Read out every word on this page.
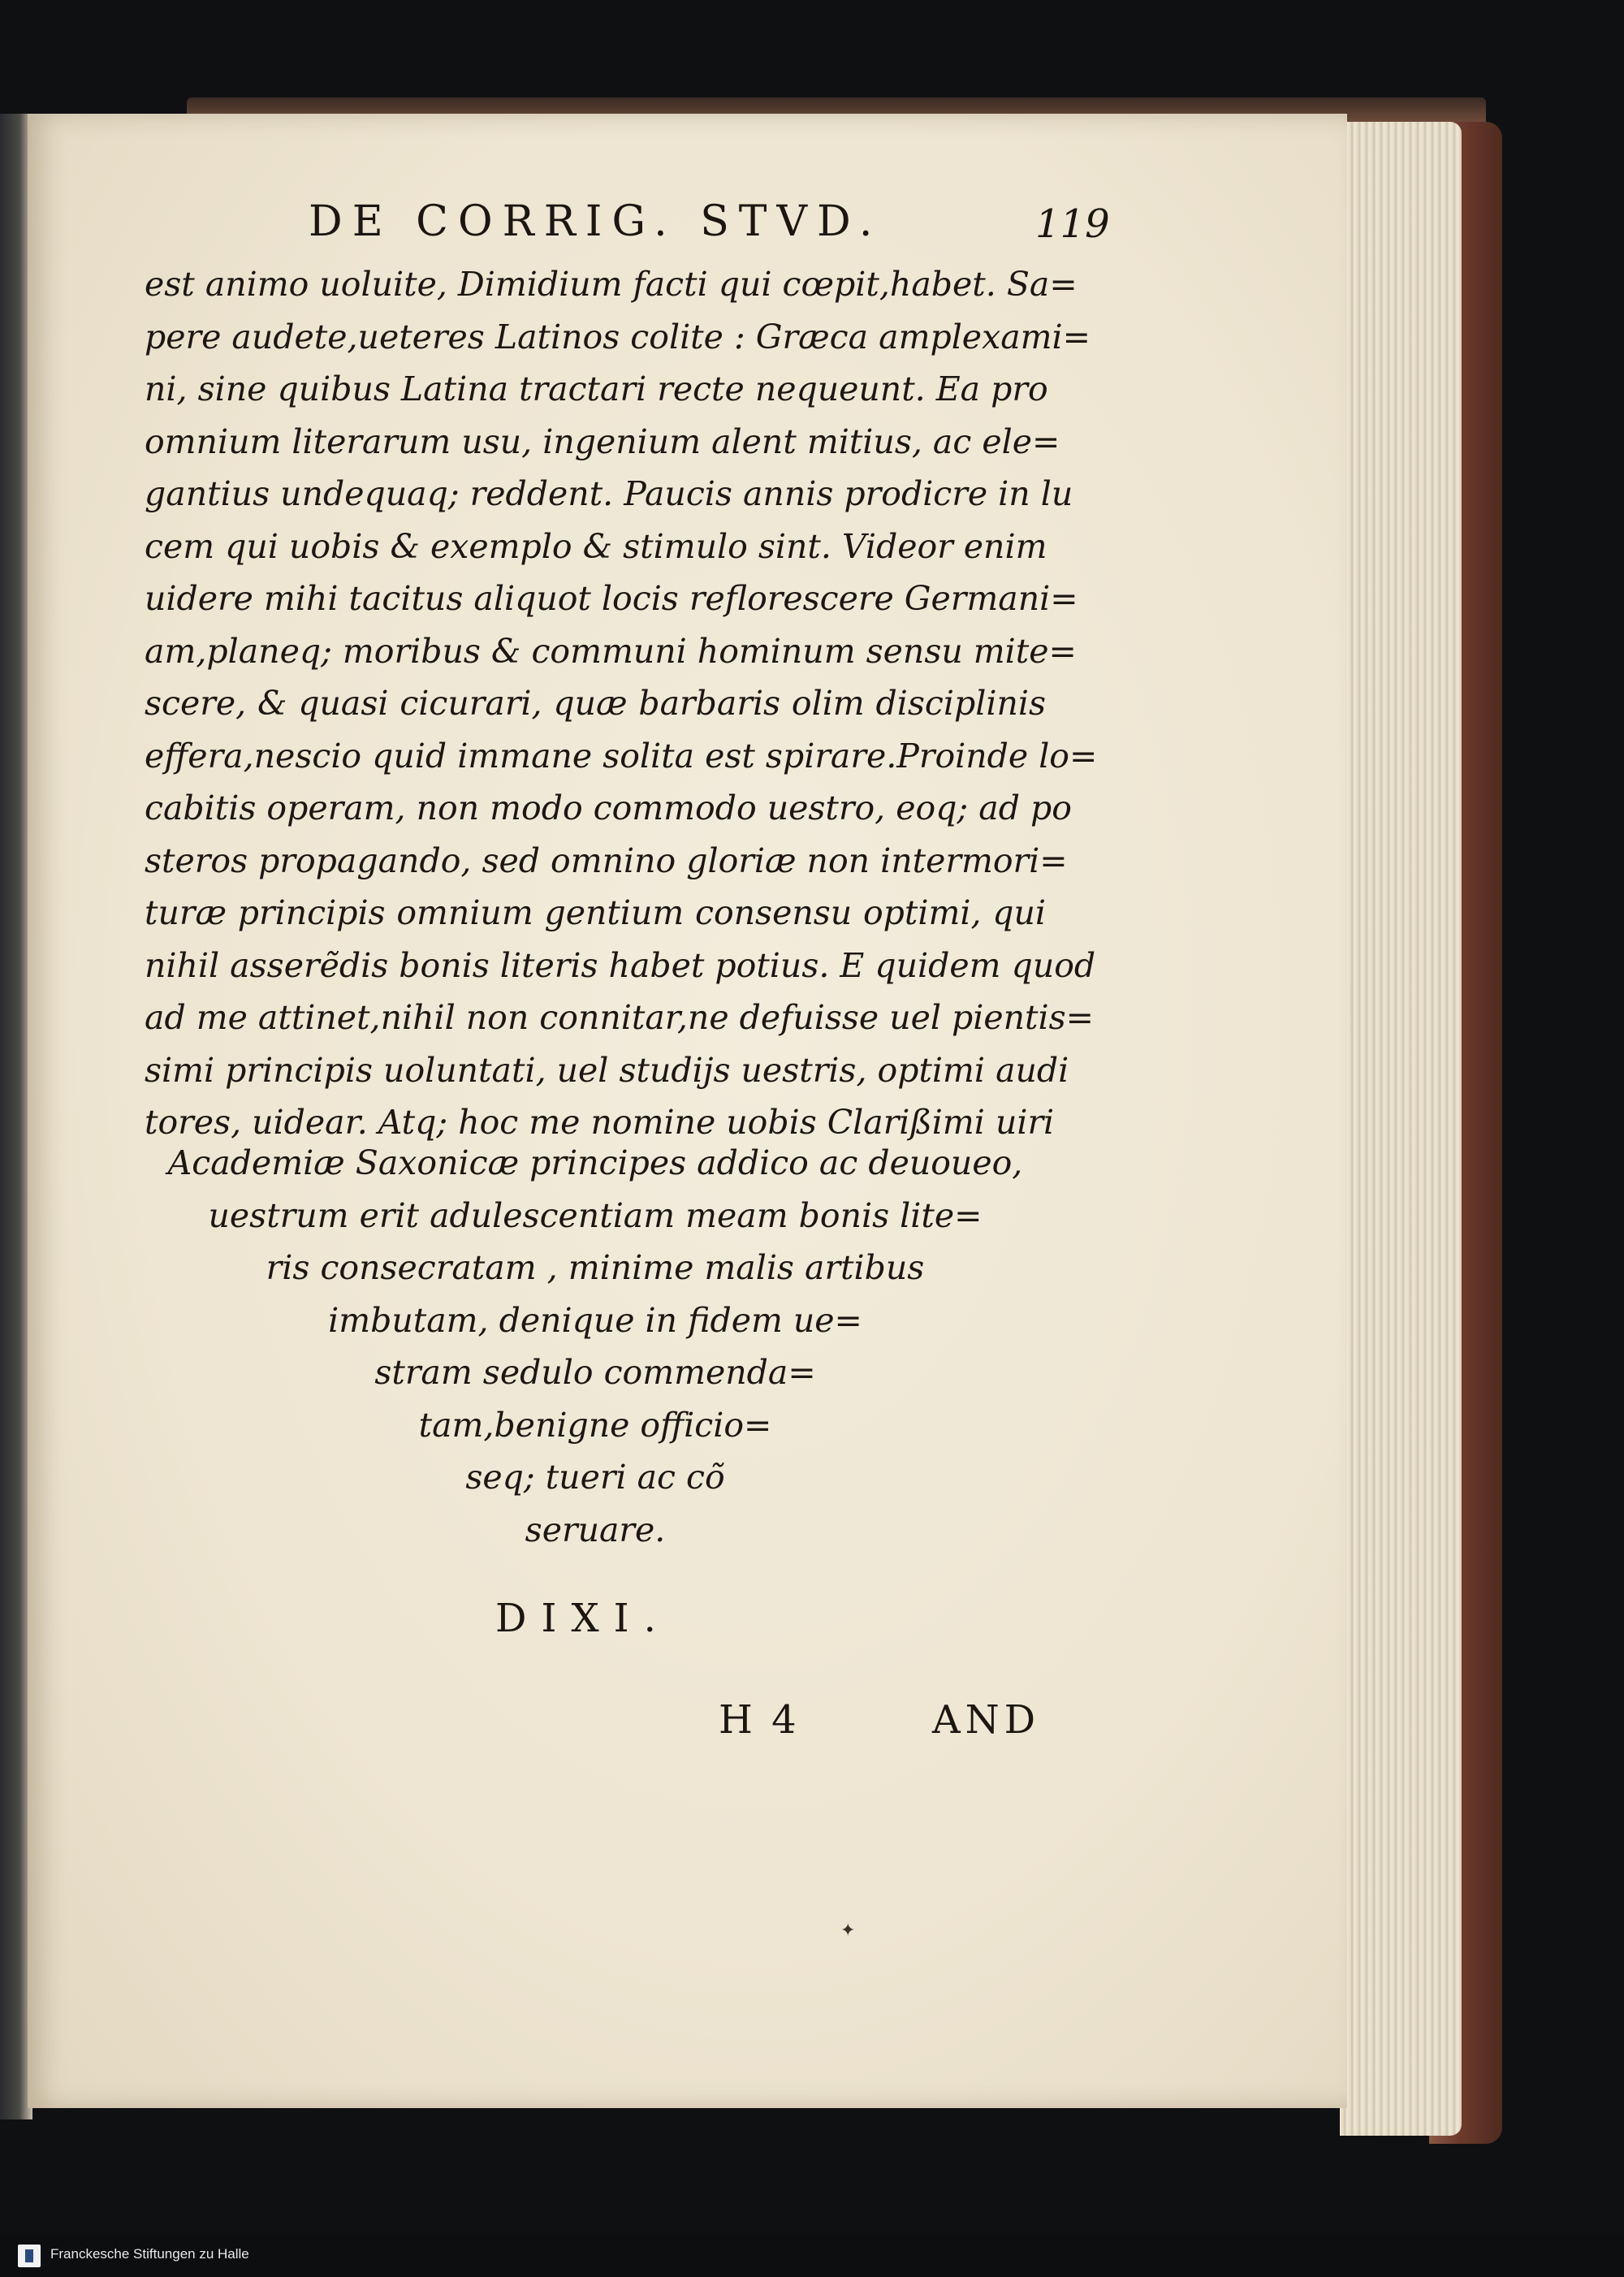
DE CORRIG. STVD.	119
est animo uoluite, Dimidium facti qui cœpit,habet. Sa=
pere audete,ueteres Latinos colite : Græca amplexami=
ni, sine quibus Latina tractari recte nequeunt. Ea pro
omnium literarum usu, ingenium alent mitius, ac ele=
gantius undequaq; reddent. Paucis annis prodicre in lu
cem qui uobis & exemplo & stimulo sint. Videor enim
uidere mihi tacitus aliquot locis reflorescere Germani=
am,planeq; moribus & communi hominum sensu mite=
scere, & quasi cicurari, quæ barbaris olim disciplinis
effera,nescio quid immane solita est spirare.Proinde lo=
cabitis operam, non modo commodo uestro, eoq; ad po
steros propagando, sed omnino gloriæ non intermori=
turæ principis omnium gentium consensu optimi, qui
nihil asserẽdis bonis literis habet potius. E quidem quod
ad me attinet,nihil non connitar,ne defuisse uel pientis=
simi principis uoluntati, uel studijs uestris, optimi audi
tores, uidear. Atq; hoc me nomine uobis Clarißimi uiri
Academiæ Saxonicæ principes addico ac deuoueo,
uestrum erit adulescentiam meam bonis lite=
ris consecratam , minime malis artibus
imbutam, denique in fidem ue=
stram sedulo commenda=
tam,benigne officio=
seq; tueri ac cõ
seruare.
DIXI.
H 4	AND
✦
Franckesche Stiftungen zu Halle
